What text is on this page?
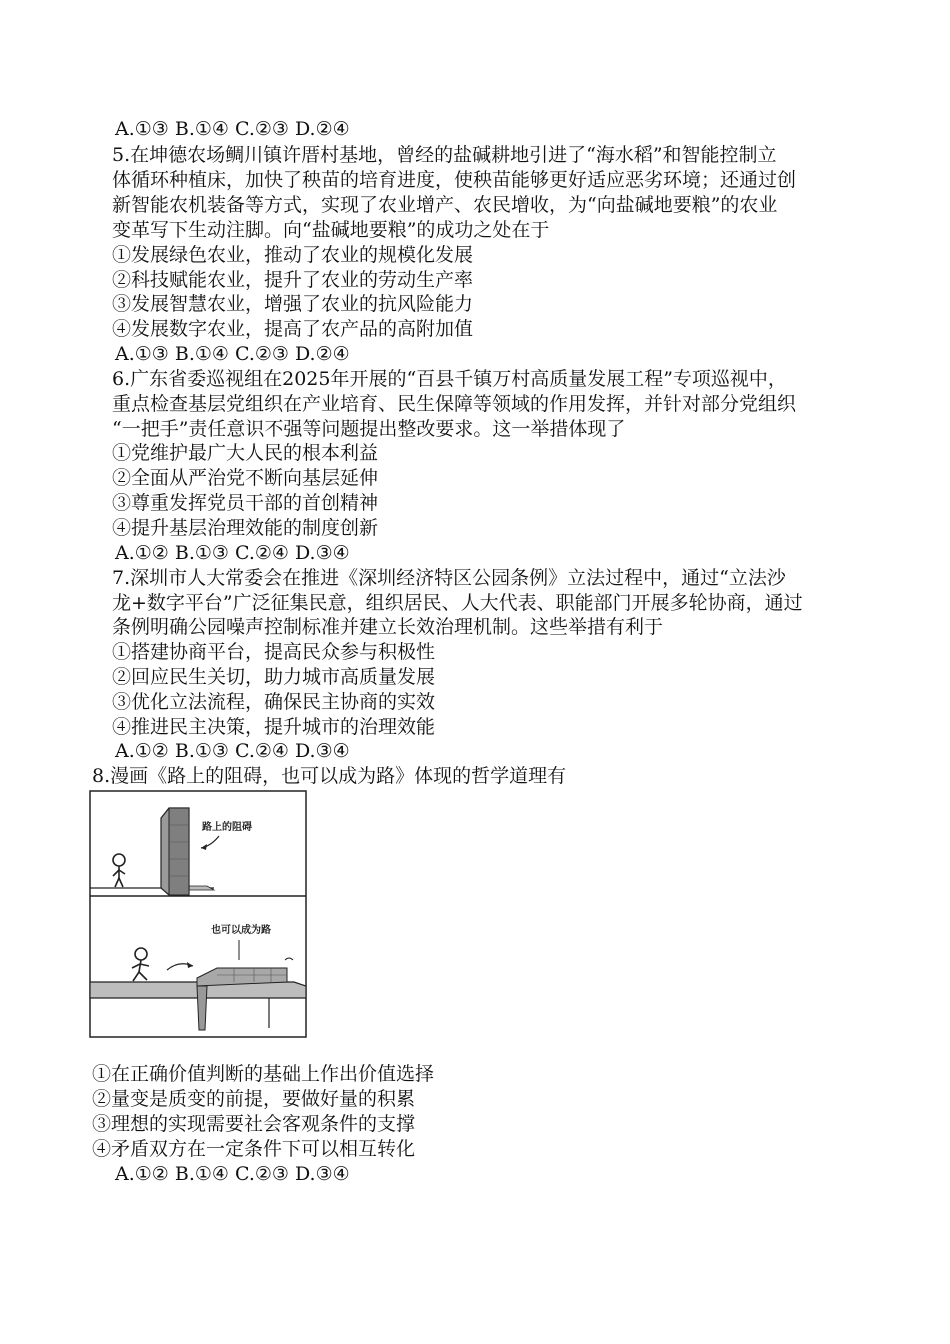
A.①③ B.①④ C.②③ D.②④
5.在坤德农场鲷川镇许厝村基地，曾经的盐碱耕地引进了“海水稻”和智能控制立
体循环种植床，加快了秧苗的培育进度，使秧苗能够更好适应恶劣环境；还通过创
新智能农机装备等方式，实现了农业增产、农民增收，为“向盐碱地要粮”的农业
变革写下生动注脚。向“盐碱地要粮”的成功之处在于
①发展绿色农业，推动了农业的规模化发展
②科技赋能农业，提升了农业的劳动生产率
③发展智慧农业，增强了农业的抗风险能力
④发展数字农业，提高了农产品的高附加值
A.①③ B.①④ C.②③ D.②④
6.广东省委巡视组在2025年开展的“百县千镇万村高质量发展工程”专项巡视中，
重点检查基层党组织在产业培育、民生保障等领域的作用发挥，并针对部分党组织
“一把手”责任意识不强等问题提出整改要求。这一举措体现了
①党维护最广大人民的根本利益
②全面从严治党不断向基层延伸
③尊重发挥党员干部的首创精神
④提升基层治理效能的制度创新
A.①② B.①③ C.②④ D.③④
7.深圳市人大常委会在推进《深圳经济特区公园条例》立法过程中，通过“立法沙
龙+数字平台”广泛征集民意，组织居民、人大代表、职能部门开展多轮协商，通过
条例明确公园噪声控制标准并建立长效治理机制。这些举措有利于
①搭建协商平台，提高民众参与积极性
②回应民生关切，助力城市高质量发展
③优化立法流程，确保民主协商的实效
④推进民主决策，提升城市的治理效能
A.①② B.①③ C.②④ D.③④
8.漫画《路上的阻碍，也可以成为路》体现的哲学道理有
路上的阻碍
也可以成为路
①在正确价值判断的基础上作出价值选择
②量变是质变的前提，要做好量的积累
③理想的实现需要社会客观条件的支撑
④矛盾双方在一定条件下可以相互转化
A.①② B.①④ C.②③ D.③④
